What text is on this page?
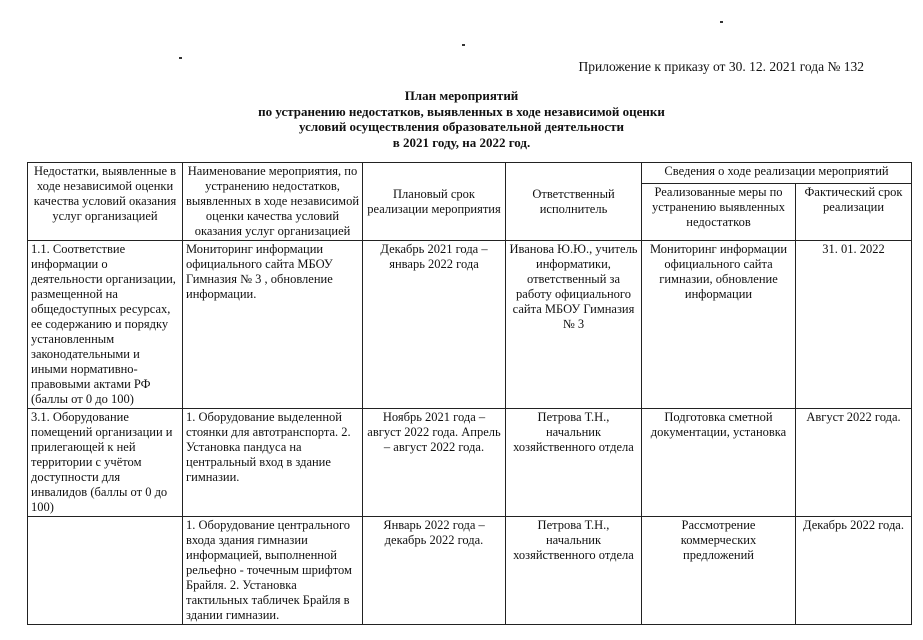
Приложение к приказу от 30. 12. 2021 года № 132
План мероприятий
по устранению недостатков, выявленных в ходе независимой оценки
условий осуществления образовательной деятельности
в 2021 году, на 2022 год.
Недостатки, выявленные в ходе независимой оценки качества условий оказания услуг организацией	Наименование мероприятия, по устранению недостатков, выявленных в ходе независимой оценки качества условий оказания услуг организацией	Плановый срок реализации мероприятия	Ответственный исполнитель	Сведения о ходе реализации мероприятий	
				Реализованные меры по устранению выявленных недостатков	Фактический срок реализации
1.1. Соответствие информации о деятельности организации, размещенной на общедоступных ресурсах, ее содержанию и порядку установленным законодательными и иными нормативно-правовыми актами РФ (баллы от 0 до 100)	Мониторинг информации официального сайта МБОУ Гимназия № 3 , обновление информации.	Декабрь 2021 года – январь 2022 года	Иванова Ю.Ю., учитель информатики, ответственный за работу официального сайта МБОУ Гимназия № 3	Мониторинг информации официального сайта гимназии, обновление информации	31. 01. 2022
3.1. Оборудование помещений организации и прилегающей к ней территории с учётом доступности для инвалидов (баллы от 0 до 100)	1. Оборудование выделенной стоянки для автотранспорта. 2. Установка пандуса на центральный вход в здание гимназии.	Ноябрь 2021 года – август 2022 года. Апрель – август 2022 года.	Петрова Т.Н., начальник хозяйственного отдела	Подготовка сметной документации, установка	Август 2022 года.
	1. Оборудование центрального входа здания гимназии информацией, выполненной рельефно - точечным шрифтом Брайля. 2. Установка тактильных табличек Брайля в здании гимназии.	Январь 2022 года – декабрь 2022 года.	Петрова Т.Н., начальник хозяйственного отдела	Рассмотрение коммерческих предложений	Декабрь 2022 года.
